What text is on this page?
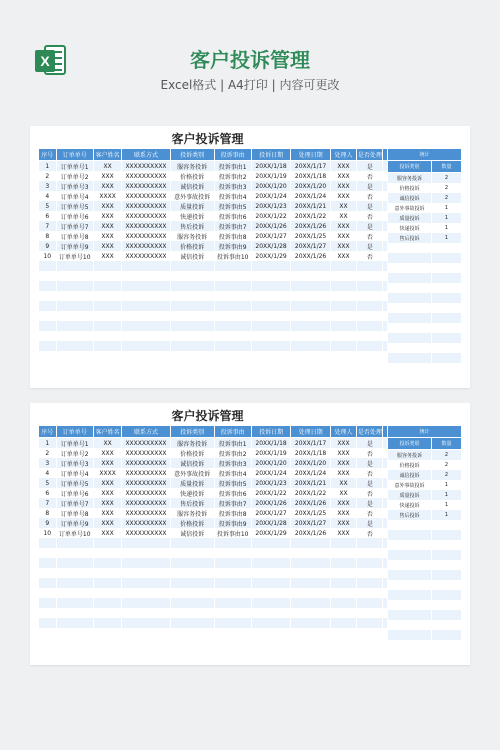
X	客户投诉管理
Excel格式 | A4打印 | 内容可更改
客户投诉管理
序号	订单单号	客户姓名	联系方式	投诉类别	投诉事由	投诉日期	处理日期	处理人	是否处理	
1	订单单号1	XX	XXXXXXXXXX	服容务投诉	投诉事由1	20XX/1/18	20XX/1/17	XXX	是	
2	订单单号2	XXX	XXXXXXXXXX	价格投诉	投诉事由2	20XX/1/19	20XX/1/18	XXX	否	
3	订单单号3	XXX	XXXXXXXXXX	诚信投诉	投诉事由3	20XX/1/20	20XX/1/20	XXX	是	
4	订单单号4	XXXX	XXXXXXXXXX	意外事故投诉	投诉事由4	20XX/1/24	20XX/1/24	XXX	否	
5	订单单号5	XXX	XXXXXXXXXX	质量投诉	投诉事由5	20XX/1/23	20XX/1/21	XX	是	
6	订单单号6	XXX	XXXXXXXXXX	快递投诉	投诉事由6	20XX/1/22	20XX/1/22	XX	否	
7	订单单号7	XXX	XXXXXXXXXX	售后投诉	投诉事由7	20XX/1/26	20XX/1/26	XXX	是	
8	订单单号8	XXX	XXXXXXXXXX	服容务投诉	投诉事由8	20XX/1/27	20XX/1/25	XXX	否	
9	订单单号9	XXX	XXXXXXXXXX	价格投诉	投诉事由9	20XX/1/28	20XX/1/27	XXX	是	
10	订单单号10	XXX	XXXXXXXXXX	诚信投诉	投诉事由10	20XX/1/29	20XX/1/26	XXX	否	

统计	
投诉类别	数量
服容务投诉	2
价格投诉	2
诚信投诉	2
意外事故投诉	1
质量投诉	1
快递投诉	1
售后投诉	1

客户投诉管理
序号	订单单号	客户姓名	联系方式	投诉类别	投诉事由	投诉日期	处理日期	处理人	是否处理	
1	订单单号1	XX	XXXXXXXXXX	服容务投诉	投诉事由1	20XX/1/18	20XX/1/17	XXX	是	
2	订单单号2	XXX	XXXXXXXXXX	价格投诉	投诉事由2	20XX/1/19	20XX/1/18	XXX	否	
3	订单单号3	XXX	XXXXXXXXXX	诚信投诉	投诉事由3	20XX/1/20	20XX/1/20	XXX	是	
4	订单单号4	XXXX	XXXXXXXXXX	意外事故投诉	投诉事由4	20XX/1/24	20XX/1/24	XXX	否	
5	订单单号5	XXX	XXXXXXXXXX	质量投诉	投诉事由5	20XX/1/23	20XX/1/21	XX	是	
6	订单单号6	XXX	XXXXXXXXXX	快递投诉	投诉事由6	20XX/1/22	20XX/1/22	XX	否	
7	订单单号7	XXX	XXXXXXXXXX	售后投诉	投诉事由7	20XX/1/26	20XX/1/26	XXX	是	
8	订单单号8	XXX	XXXXXXXXXX	服容务投诉	投诉事由8	20XX/1/27	20XX/1/25	XXX	否	
9	订单单号9	XXX	XXXXXXXXXX	价格投诉	投诉事由9	20XX/1/28	20XX/1/27	XXX	是	
10	订单单号10	XXX	XXXXXXXXXX	诚信投诉	投诉事由10	20XX/1/29	20XX/1/26	XXX	否	

统计	
投诉类别	数量
服容务投诉	2
价格投诉	2
诚信投诉	2
意外事故投诉	1
质量投诉	1
快递投诉	1
售后投诉	1
